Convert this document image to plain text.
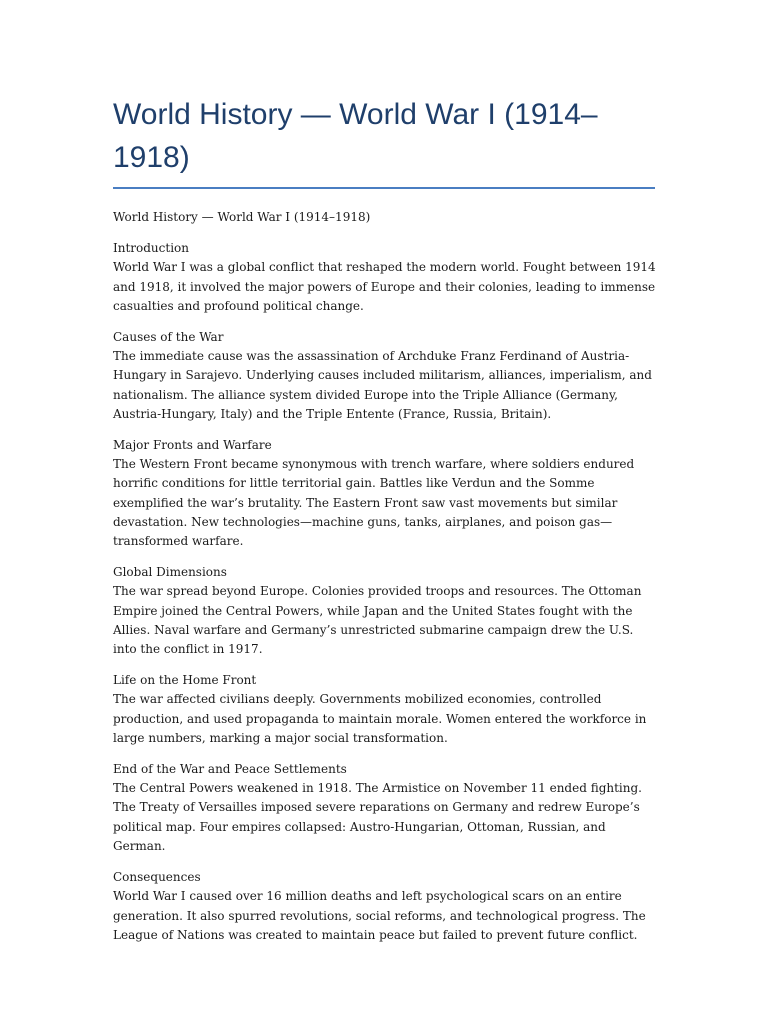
World History — World War I (1914–1918)

World History — World War I (1914–1918)

Introduction

World War I was a global conflict that reshaped the modern world. Fought between 1914 and 1918, it involved the major powers of Europe and their colonies, leading to immense casualties and profound political change.

Causes of the War

The immediate cause was the assassination of Archduke Franz Ferdinand of Austria-Hungary in Sarajevo. Underlying causes included militarism, alliances, imperialism, and nationalism. The alliance system divided Europe into the Triple Alliance (Germany, Austria-Hungary, Italy) and the Triple Entente (France, Russia, Britain).

Major Fronts and Warfare

The Western Front became synonymous with trench warfare, where soldiers endured horrific conditions for little territorial gain. Battles like Verdun and the Somme exemplified the war’s brutality. The Eastern Front saw vast movements but similar devastation. New technologies—machine guns, tanks, airplanes, and poison gas—transformed warfare.

Global Dimensions

The war spread beyond Europe. Colonies provided troops and resources. The Ottoman Empire joined the Central Powers, while Japan and the United States fought with the Allies. Naval warfare and Germany’s unrestricted submarine campaign drew the U.S. into the conflict in 1917.

Life on the Home Front

The war affected civilians deeply. Governments mobilized economies, controlled production, and used propaganda to maintain morale. Women entered the workforce in large numbers, marking a major social transformation.

End of the War and Peace Settlements

The Central Powers weakened in 1918. The Armistice on November 11 ended fighting. The Treaty of Versailles imposed severe reparations on Germany and redrew Europe’s political map. Four empires collapsed: Austro-Hungarian, Ottoman, Russian, and German.

Consequences

World War I caused over 16 million deaths and left psychological scars on an entire generation. It also spurred revolutions, social reforms, and technological progress. The League of Nations was created to maintain peace but failed to prevent future conflict.
